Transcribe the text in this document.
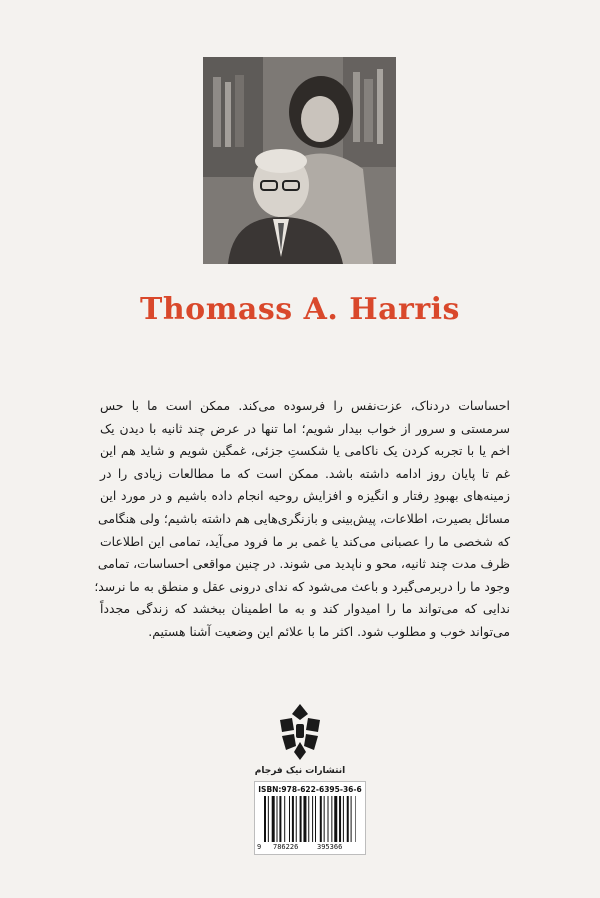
Thomass A. Harris
احساسات دردناک، عزت‌نفس را فرسوده می‌کند. ممکن است ما با حس
سرمستی و سرور از خواب بیدار شویم؛ اما تنها در عرض چند ثانیه با دیدن یک
اخم یا با تجربه کردن یک ناکامی یا شکستِ جزئی، غمگین شویم و شاید هم این
غم تا پایان روز ادامه داشته باشد. ممکن است که ما مطالعات زیادی را در
زمینه‌های بهبودِ رفتار و انگیزه و افزایش روحیه انجام داده باشیم و در مورد این
مسائل بصیرت، اطلاعات، پیش‌بینی و بازنگری‌هایی هم داشته باشیم؛ ولی هنگامی
که شخصی ما را عصبانی می‌کند یا غمی بر ما فرود می‌آید، تمامی این اطلاعات
ظرف مدت چند ثانیه، محو و ناپدید می شوند. در چنین مواقعی احساسات، تمامی
وجود ما را دربرمی‌گیرد و باعث می‌شود که ندای درونی عقل و منطق به ما نرسد؛
ندایی که می‌تواند ما را امیدوار کند و به ما اطمینان ببخشد که زندگی مجدداً
می‌تواند خوب و مطلوب شود. اکثر ما با علائم این وضعیت آشنا هستیم.
انتشارات نیک فرجام
ISBN:978-622-6395-36-6
9 786226	395366
